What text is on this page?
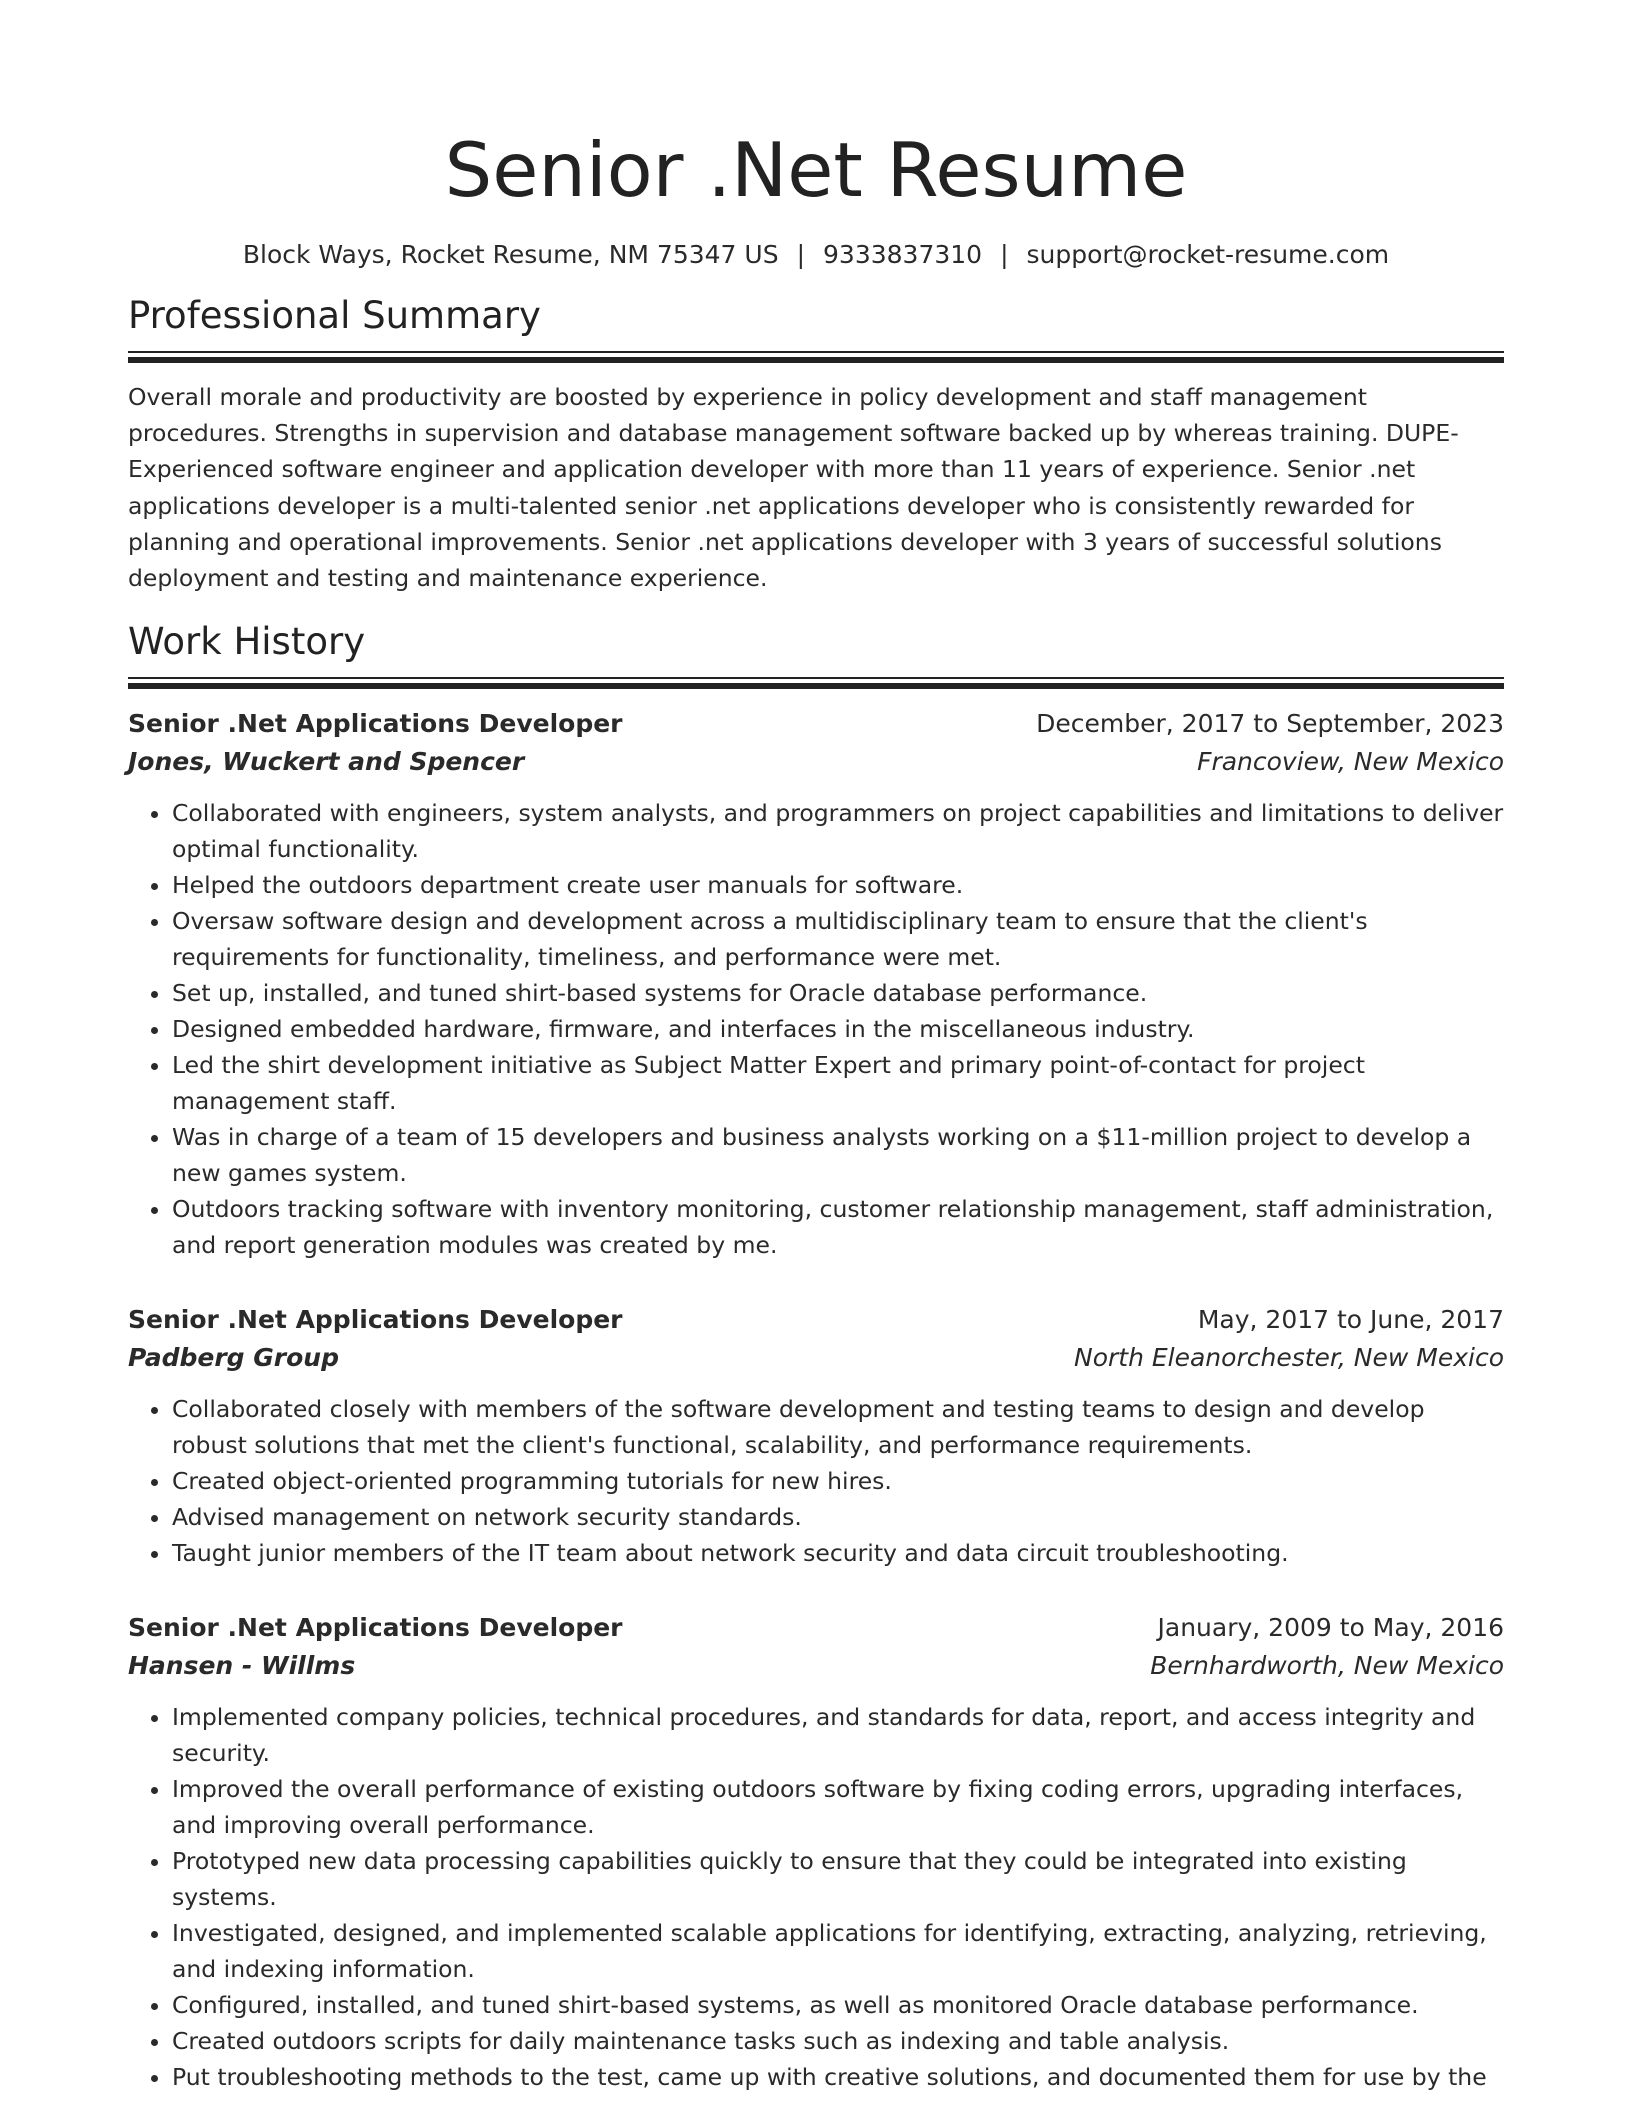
Senior .Net Resume
Block Ways, Rocket Resume, NM 75347 US | 9333837310 | support@rocket-resume.com
Professional Summary

Overall morale and productivity are boosted by experience in policy development and staff management procedures. Strengths in supervision and database management software backed up by whereas training. DUPE- Experienced software engineer and application developer with more than 11 years of experience. Senior .net applications developer is a multi-talented senior .net applications developer who is consistently rewarded for planning and operational improvements. Senior .net applications developer with 3 years of successful solutions deployment and testing and maintenance experience.

Work History
Senior .Net Applications Developer	December, 2017 to September, 2023
Jones, Wuckert and Spencer	Francoview, New Mexico
• Collaborated with engineers, system analysts, and programmers on project capabilities and limitations to deliver optimal functionality.
• Helped the outdoors department create user manuals for software.
• Oversaw software design and development across a multidisciplinary team to ensure that the client's requirements for functionality, timeliness, and performance were met.
• Set up, installed, and tuned shirt-based systems for Oracle database performance.
• Designed embedded hardware, firmware, and interfaces in the miscellaneous industry.
• Led the shirt development initiative as Subject Matter Expert and primary point-of-contact for project management staff.
• Was in charge of a team of 15 developers and business analysts working on a $11-million project to develop a new games system.
• Outdoors tracking software with inventory monitoring, customer relationship management, staff administration, and report generation modules was created by me.
Senior .Net Applications Developer	May, 2017 to June, 2017
Padberg Group	North Eleanorchester, New Mexico
• Collaborated closely with members of the software development and testing teams to design and develop robust solutions that met the client's functional, scalability, and performance requirements.
• Created object-oriented programming tutorials for new hires.
• Advised management on network security standards.
• Taught junior members of the IT team about network security and data circuit troubleshooting.
Senior .Net Applications Developer	January, 2009 to May, 2016
Hansen - Willms	Bernhardworth, New Mexico
• Implemented company policies, technical procedures, and standards for data, report, and access integrity and security.
• Improved the overall performance of existing outdoors software by fixing coding errors, upgrading interfaces, and improving overall performance.
• Prototyped new data processing capabilities quickly to ensure that they could be integrated into existing systems.
• Investigated, designed, and implemented scalable applications for identifying, extracting, analyzing, retrieving, and indexing information.
• Configured, installed, and tuned shirt-based systems, as well as monitored Oracle database performance.
• Created outdoors scripts for daily maintenance tasks such as indexing and table analysis.
• Put troubleshooting methods to the test, came up with creative solutions, and documented them for use by the
